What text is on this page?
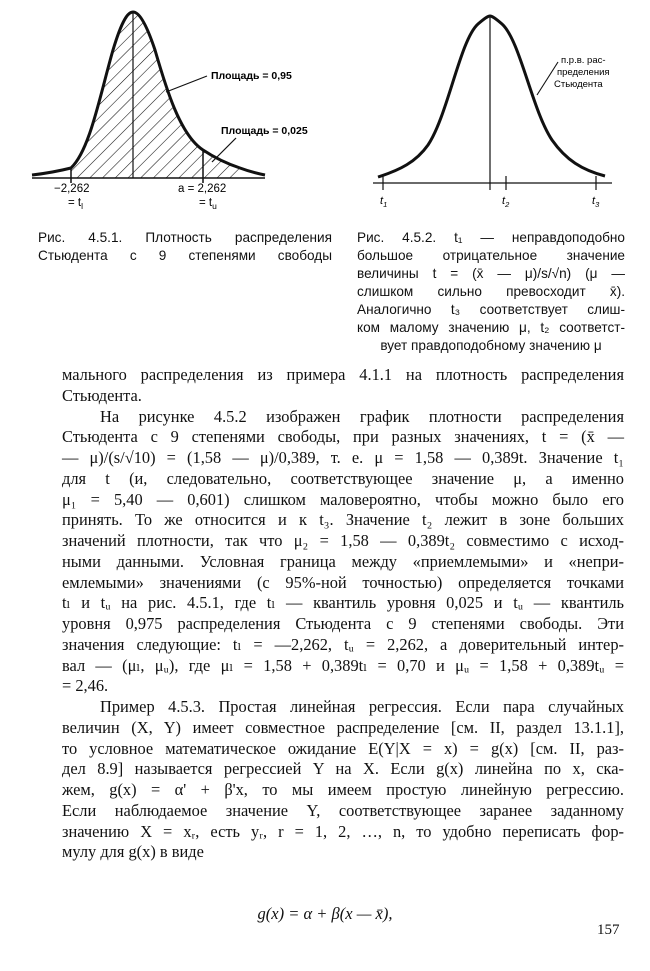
Площадь = 0,95
Площадь = 0,025
−2,262
= $t_l$
a = 2,262
= $t_u$
п.р.в. рас-
пределения
Стьюдента
$t_1$	$t_2$	$t_3$
Рис. 4.5.1. Плотность распределения
Стьюдента с 9 степенями свободы
Рис. 4.5.2. t₁ — неправдоподобно
большое отрицательное значение
величины t = (x̄ — μ)/s/√n) (μ —
слишком сильно превосходит x̄).
Аналогично t₃ соответствует слиш-
ком малому значению μ, t₂ соответст-
вует правдоподобному значению μ
мального распределения из примера 4.1.1 на плотность распределения
Стьюдента.
На рисунке 4.5.2 изображен график плотности распределения
Стьюдента с 9 степенями свободы, при разных значениях, t = (x̄ —
— μ)/(s/√10) = (1,58 — μ)/0,389, т. е. μ = 1,58 — 0,389t. Значение t₁
для t (и, следовательно, соответствующее значение μ, а именно
μ₁ = 5,40 — 0,601) слишком маловероятно, чтобы можно было его
принять. То же относится и к t₃. Значение t₂ лежит в зоне больших
значений плотности, так что μ₂ = 1,58 — 0,389t₂ совместимо с исход-
ными данными. Условная граница между «приемлемыми» и «непри-
емлемыми» значениями (с 95%-ной точностью) определяется точками
tₗ и tᵤ на рис. 4.5.1, где tₗ — квантиль уровня 0,025 и tᵤ — квантиль
уровня 0,975 распределения Стьюдента с 9 степенями свободы. Эти
значения следующие: tₗ = —2,262, tᵤ = 2,262, а доверительный интер-
вал — (μₗ, μᵤ), где μₗ = 1,58 + 0,389tₗ = 0,70 и μᵤ = 1,58 + 0,389tᵤ =
= 2,46.
Пример 4.5.3. Простая линейная регрессия. Если пара случайных
величин (X, Y) имеет совместное распределение [см. II, раздел 13.1.1],
то условное математическое ожидание E(Y|X = x) = g(x) [см. II, раз-
дел 8.9] называется регрессией Y на X. Если g(x) линейна по x, ска-
жем, g(x) = α' + β'x, то мы имеем простую линейную регрессию.
Если наблюдаемое значение Y, соответствующее заранее заданному
значению X = xᵣ, есть yᵣ, r = 1, 2, …, n, то удобно переписать фор-
мулу для g(x) в виде
g(x) = α + β(x — x̄),
157
